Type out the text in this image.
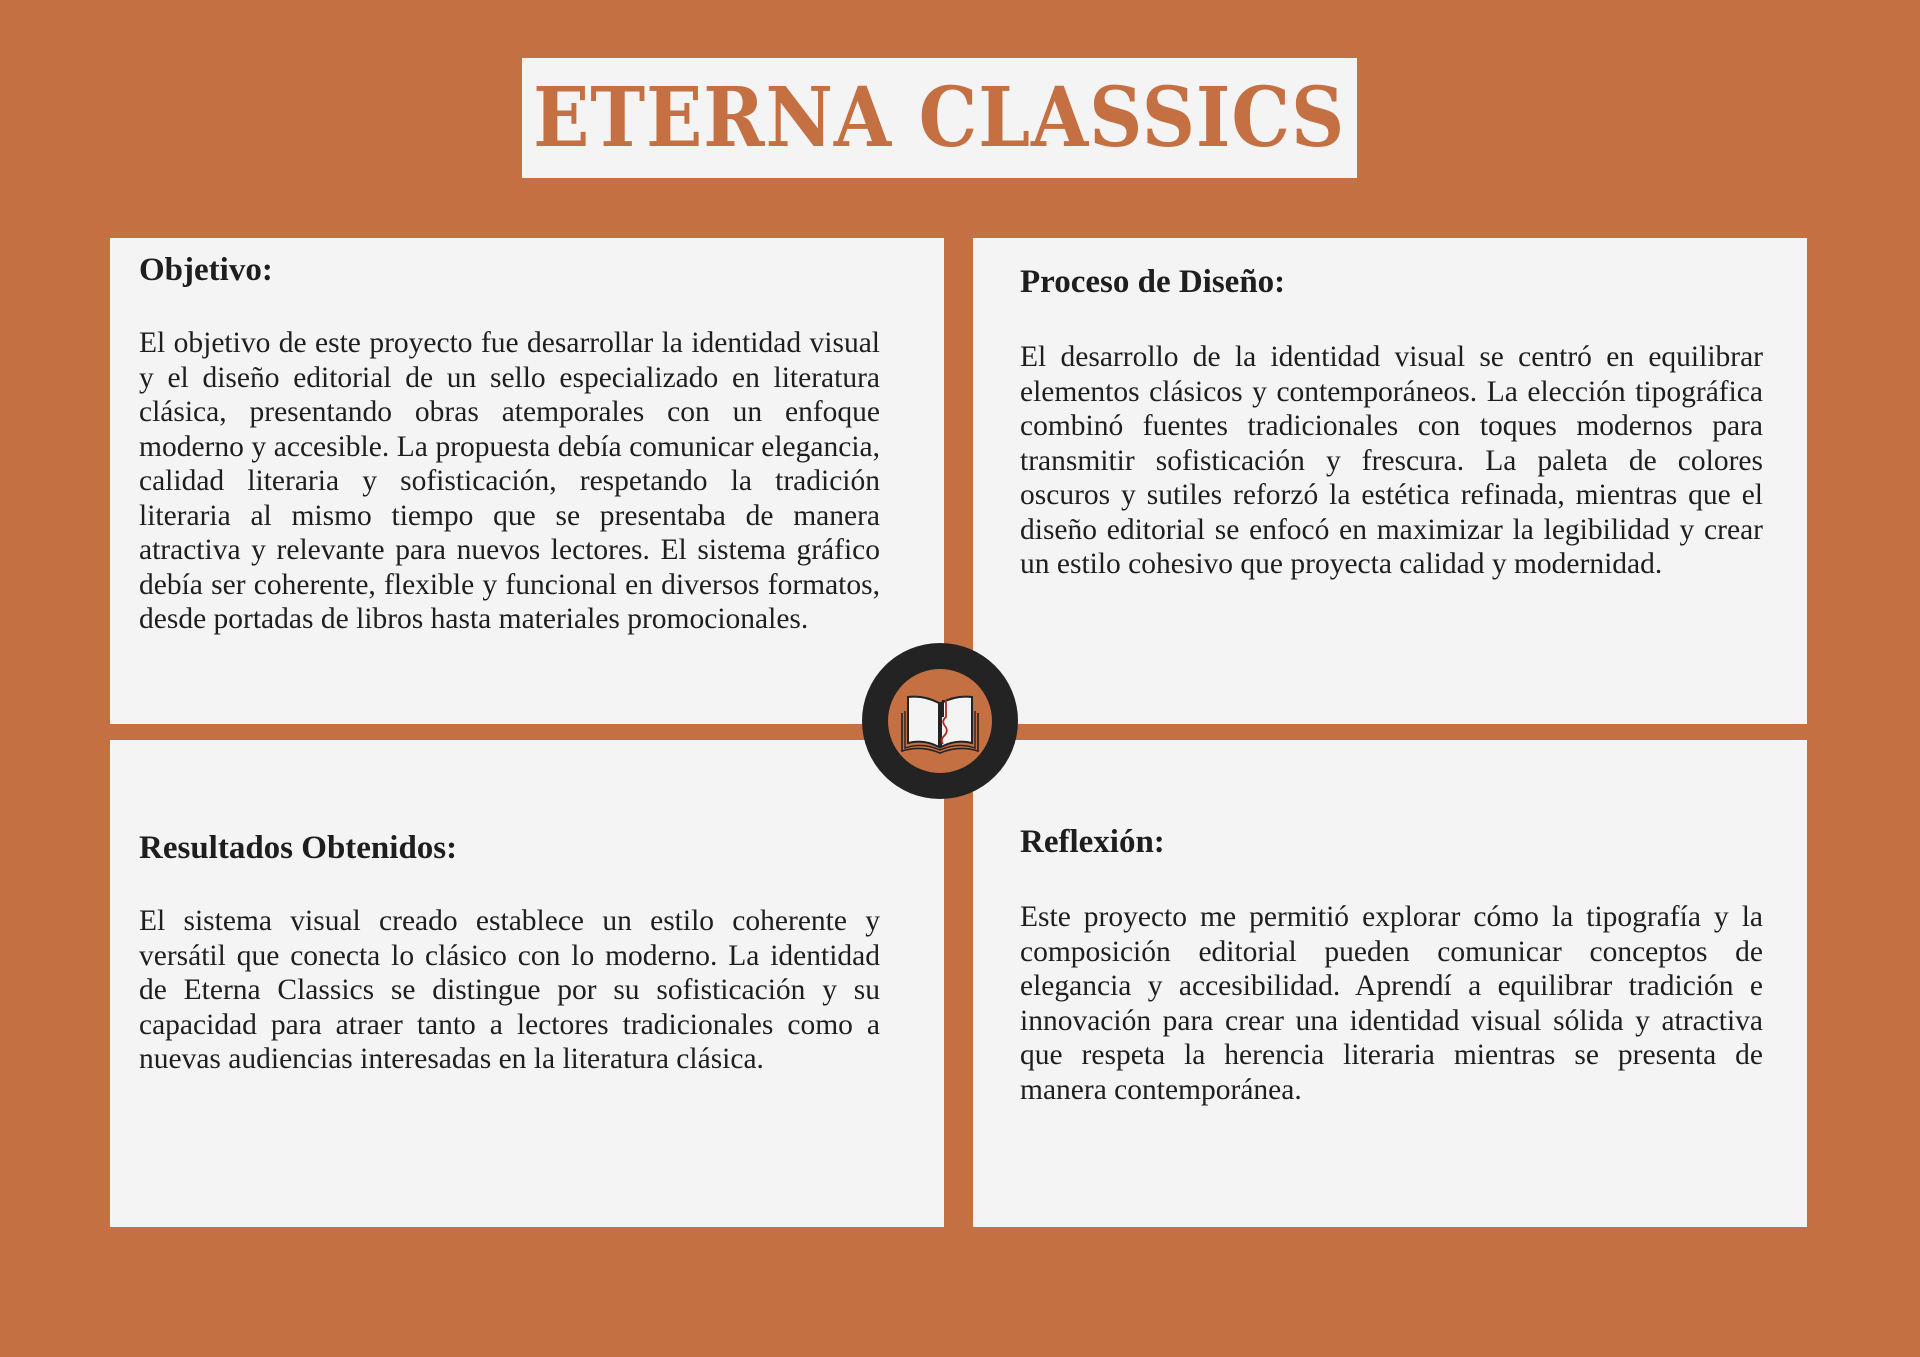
ETERNA CLASSICS
Objetivo:

El objetivo de este proyecto fue desarrollar la identidad visual y el diseño editorial de un sello especializado en literatura clásica, presentando obras atemporales con un enfoque moderno y accesible. La propuesta debía comunicar elegancia, calidad literaria y sofisticación, respetando la tradición literaria al mismo tiempo que se presentaba de manera atractiva y relevante para nuevos lectores. El sistema gráfico debía ser coherente, flexible y funcional en diversos formatos, desde portadas de libros hasta materiales promocionales.

Proceso de Diseño:

El desarrollo de la identidad visual se centró en equilibrar elementos clásicos y contemporáneos. La elección tipográfica combinó fuentes tradicionales con toques modernos para transmitir sofisticación y frescura. La paleta de colores oscuros y sutiles reforzó la estética refinada, mientras que el diseño editorial se enfocó en maximizar la legibilidad y crear un estilo cohesivo que proyecta calidad y modernidad.

Resultados Obtenidos:

El sistema visual creado establece un estilo coherente y versátil que conecta lo clásico con lo moderno. La identidad de Eterna Classics se distingue por su sofisticación y su capacidad para atraer tanto a lectores tradicionales como a nuevas audiencias interesadas en la literatura clásica.

Reflexión:

Este proyecto me permitió explorar cómo la tipografía y la composición editorial pueden comunicar conceptos de elegancia y accesibilidad. Aprendí a equilibrar tradición e innovación para crear una identidad visual sólida y atractiva que respeta la herencia literaria mientras se presenta de manera contemporánea.
